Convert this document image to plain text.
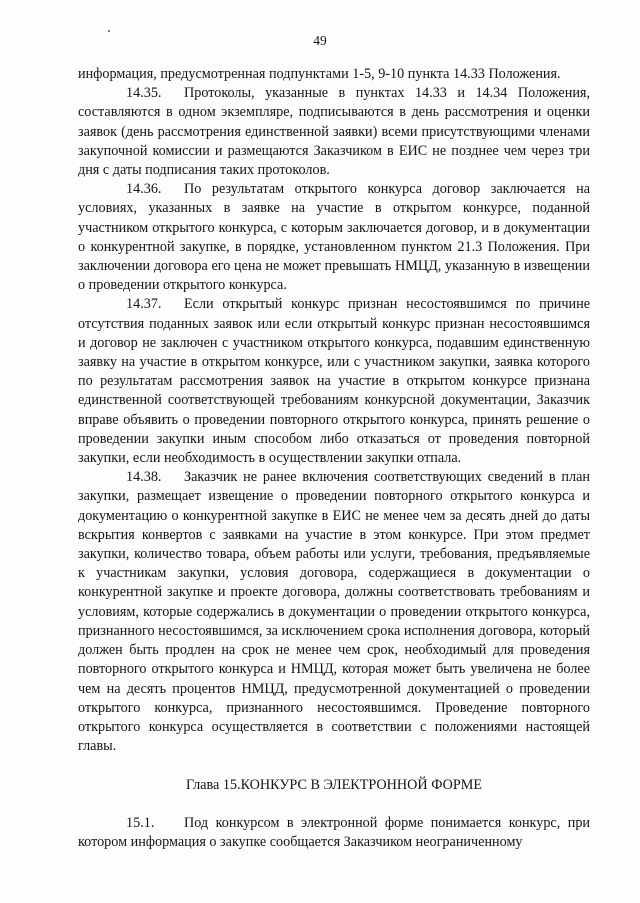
49

информация, предусмотренная подпунктами 1-5, 9-10 пункта 14.33 Положения.

14.35. Протоколы, указанные в пунктах 14.33 и 14.34 Положения, составляются в одном экземпляре, подписываются в день рассмотрения и оценки заявок (день рассмотрения единственной заявки) всеми присутствующими членами закупочной комиссии и размещаются Заказчиком в ЕИС не позднее чем через три дня с даты подписания таких протоколов.

14.36. По результатам открытого конкурса договор заключается на условиях, указанных в заявке на участие в открытом конкурсе, поданной участником открытого конкурса, с которым заключается договор, и в документации о конкурентной закупке, в порядке, установленном пунктом 21.3 Положения. При заключении договора его цена не может превышать НМЦД, указанную в извещении о проведении открытого конкурса.

14.37. Если открытый конкурс признан несостоявшимся по причине отсутствия поданных заявок или если открытый конкурс признан несостоявшимся и договор не заключен с участником открытого конкурса, подавшим единственную заявку на участие в открытом конкурсе, или с участником закупки, заявка которого по результатам рассмотрения заявок на участие в открытом конкурсе признана единственной соответствующей требованиям конкурсной документации, Заказчик вправе объявить о проведении повторного открытого конкурса, принять решение о проведении закупки иным способом либо отказаться от проведения повторной закупки, если необходимость в осуществлении закупки отпала.

14.38. Заказчик не ранее включения соответствующих сведений в план закупки, размещает извещение о проведении повторного открытого конкурса и документацию о конкурентной закупке в ЕИС не менее чем за десять дней до даты вскрытия конвертов с заявками на участие в этом конкурсе. При этом предмет закупки, количество товара, объем работы или услуги, требования, предъявляемые к участникам закупки, условия договора, содержащиеся в документации о конкурентной закупке и проекте договора, должны соответствовать требованиям и условиям, которые содержались в документации о проведении открытого конкурса, признанного несостоявшимся, за исключением срока исполнения договора, который должен быть продлен на срок не менее чем срок, необходимый для проведения повторного открытого конкурса и НМЦД, которая может быть увеличена не более чем на десять процентов НМЦД, предусмотренной документацией о проведении открытого конкурса, признанного несостоявшимся. Проведение повторного открытого конкурса осуществляется в соответствии с положениями настоящей главы.

Глава 15.КОНКУРС В ЭЛЕКТРОННОЙ ФОРМЕ

15.1. Под конкурсом в электронной форме понимается конкурс, при котором информация о закупке сообщается Заказчиком неограниченному
